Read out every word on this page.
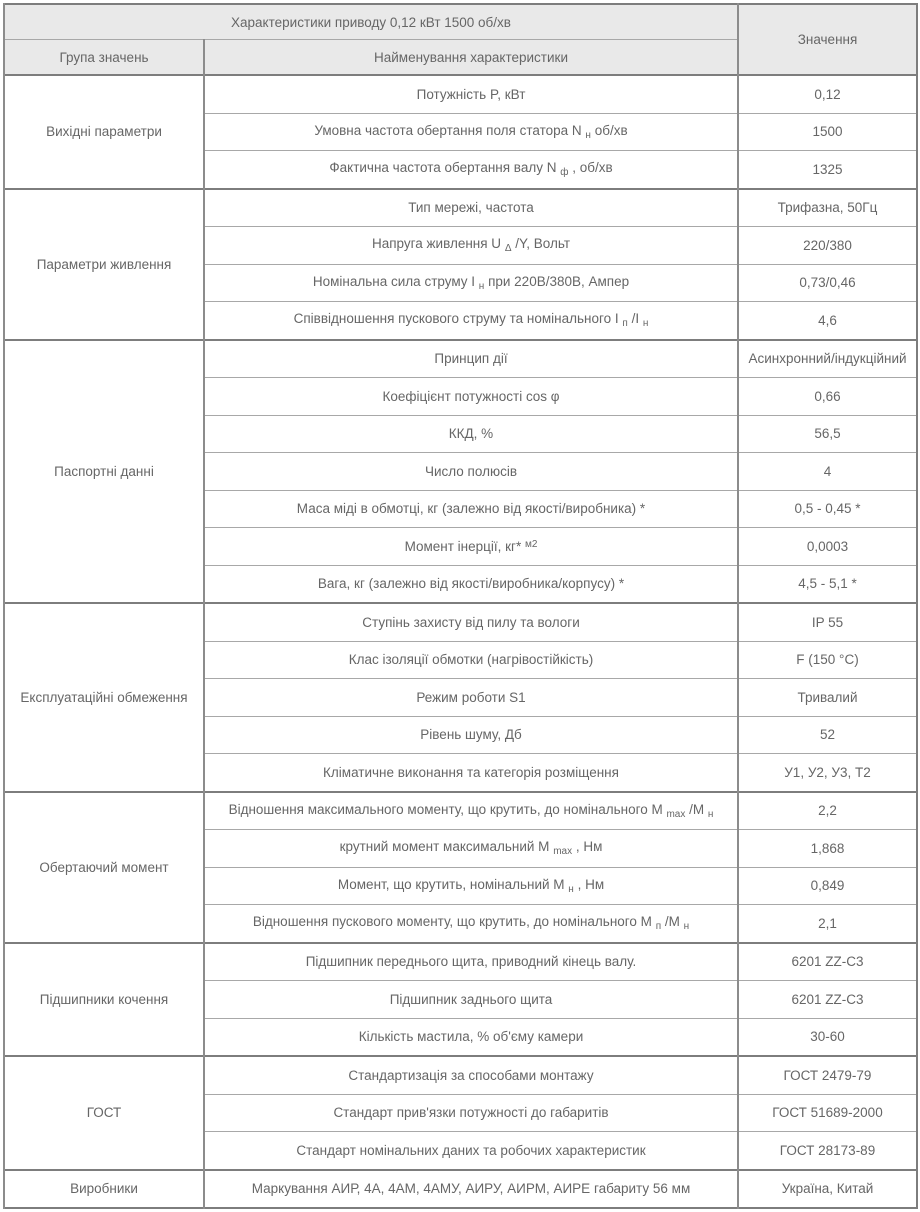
Характеристики приводу 0,12 кВт 1500 об/хв		Значення
Група значень	Найменування характеристики	
Вихідні параметри	Потужність P, кВт	0,12
	Умовна частота обертання поля статора N $_н$ об/хв	1500
	Фактична частота обертання валу N $_ф$ , об/хв	1325
Параметри живлення	Тип мережі, частота	Трифазна, 50Гц
	Напруга живлення U $_\Delta$ /Y, Вольт	220/380
	Номінальна сила струму I $_н$ при 220В/380В, Ампер	0,73/0,46
	Співвідношення пускового струму та номінального I $_п$ /I $_н$	4,6
Паспортні данні	Принцип дії	Асинхронний/індукційний
	Коефіцієнт потужності cos φ	0,66
	ККД, %	56,5
	Число полюсів	4
	Маса міді в обмотці, кг (залежно від якості/виробника) *	0,5 - 0,45 *
	Момент інерції, кг* $^{м2}$	0,0003
	Вага, кг (залежно від якості/виробника/корпусу) *	4,5 - 5,1 *
Експлуатаційні обмеження	Ступінь захисту від пилу та вологи	IP 55
	Клас ізоляції обмотки (нагрівостійкість)	F (150 °C)
	Режим роботи S1	Тривалий
	Рівень шуму, Дб	52
	Кліматичне виконання та категорія розміщення	У1, У2, У3, Т2
Обертаючий момент	Відношення максимального моменту, що крутить, до номінального M $_{max}$ /M $_н$	2,2
	крутний момент максимальний M $_{max}$ , Нм	1,868
	Момент, що крутить, номінальний M $_н$ , Нм	0,849
	Відношення пускового моменту, що крутить, до номінального M $_п$ /M $_н$	2,1
Підшипники кочення	Підшипник переднього щита, приводний кінець валу.	6201 ZZ-C3
	Підшипник заднього щита	6201 ZZ-C3
	Кількість мастила, % об'єму камери	30-60
ГОСТ	Стандартизація за способами монтажу	ГОСТ 2479-79
	Стандарт прив'язки потужності до габаритів	ГОСТ 51689-2000
	Стандарт номінальних даних та робочих характеристик	ГОСТ 28173-89
Виробники	Маркування АИР, 4А, 4АМ, 4АМУ, АИРУ, АИРМ, АИРЕ габариту 56 мм	Україна, Китай
